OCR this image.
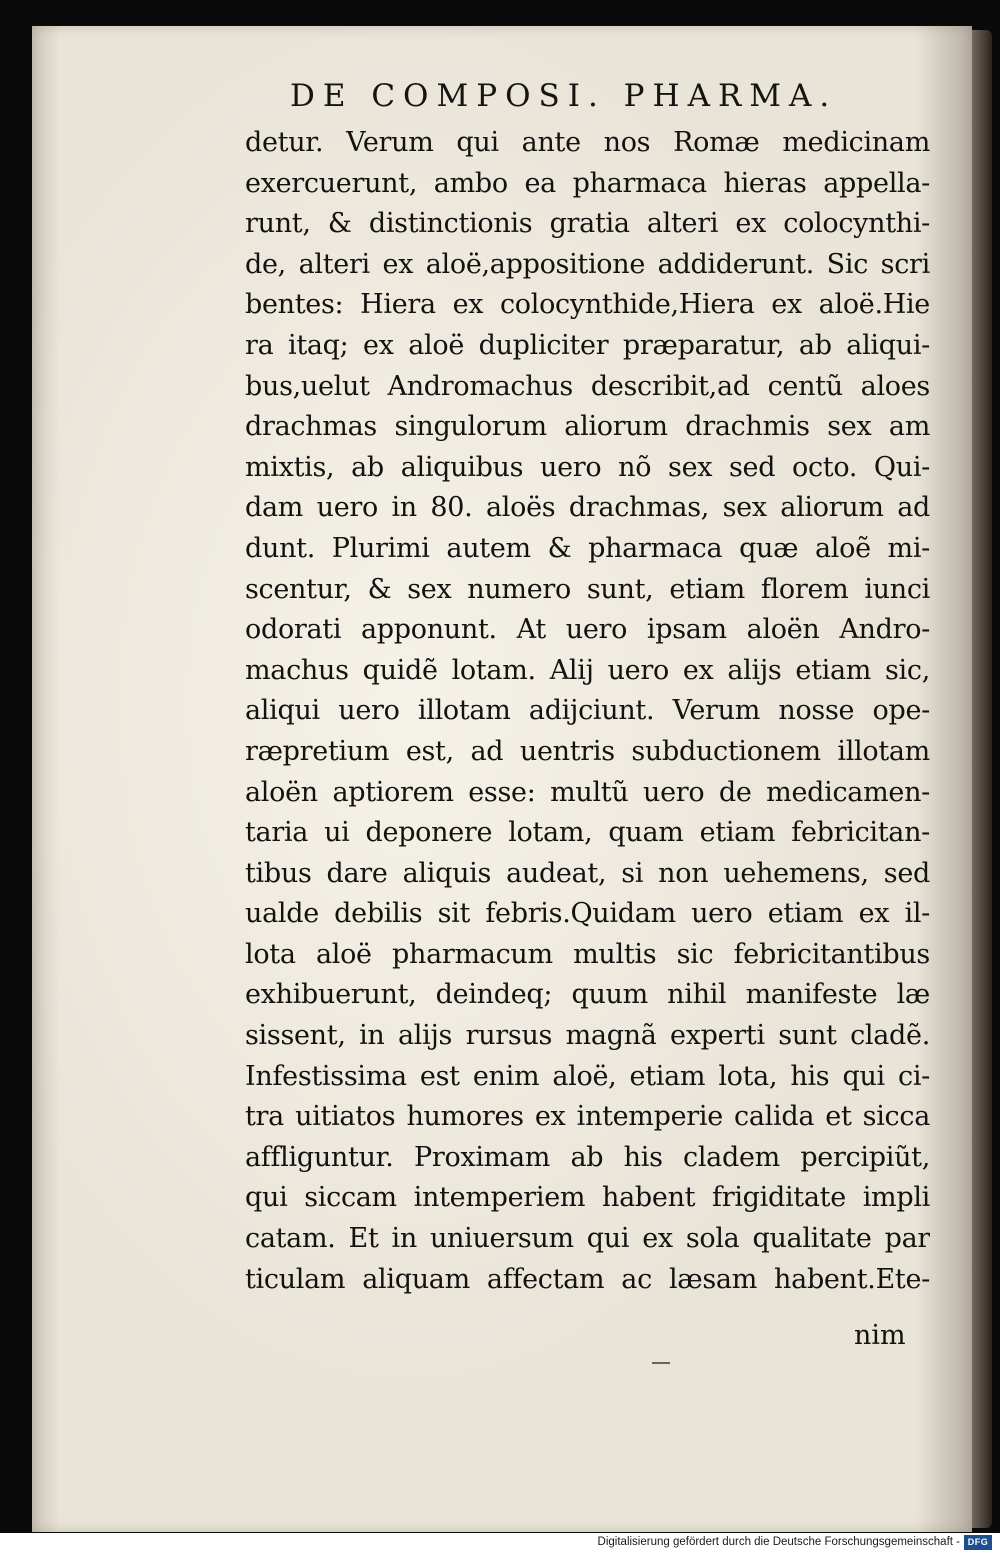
DE COMPOSI. PHARMA.
detur. Verum qui ante nos Romæ medicinam
exercuerunt, ambo ea pharmaca hieras appella-
runt, & distinctionis gratia alteri ex colocynthi-
de, alteri ex aloë,appositione addiderunt. Sic scri
bentes: Hiera ex colocynthide,Hiera ex aloë.Hie
ra itaq; ex aloë dupliciter præparatur, ab aliqui-
bus,uelut Andromachus describit,ad centũ aloes
drachmas singulorum aliorum drachmis sex am
mixtis, ab aliquibus uero nõ sex sed octo. Qui-
dam uero in 80. aloës drachmas, sex aliorum ad
dunt. Plurimi autem & pharmaca quæ aloẽ mi-
scentur, & sex numero sunt, etiam florem iunci
odorati apponunt. At uero ipsam aloën Andro-
machus quidẽ lotam. Alij uero ex alijs etiam sic,
aliqui uero illotam adijciunt. Verum nosse ope-
ræpretium est, ad uentris subductionem illotam
aloën aptiorem esse: multũ uero de medicamen-
taria ui deponere lotam, quam etiam febricitan-
tibus dare aliquis audeat, si non uehemens, sed
ualde debilis sit febris.Quidam uero etiam ex il-
lota aloë pharmacum multis sic febricitantibus
exhibuerunt, deindeq; quum nihil manifeste læ
sissent, in alijs rursus magnã experti sunt cladẽ.
Infestissima est enim aloë, etiam lota, his qui ci-
tra uitiatos humores ex intemperie calida et sicca
affliguntur. Proximam ab his cladem percipiũt,
qui siccam intemperiem habent frigiditate impli
catam. Et in uniuersum qui ex sola qualitate par
ticulam aliquam affectam ac læsam habent.Ete-
nim
Digitalisierung gefördert durch die Deutsche Forschungsgemeinschaft - DFG
